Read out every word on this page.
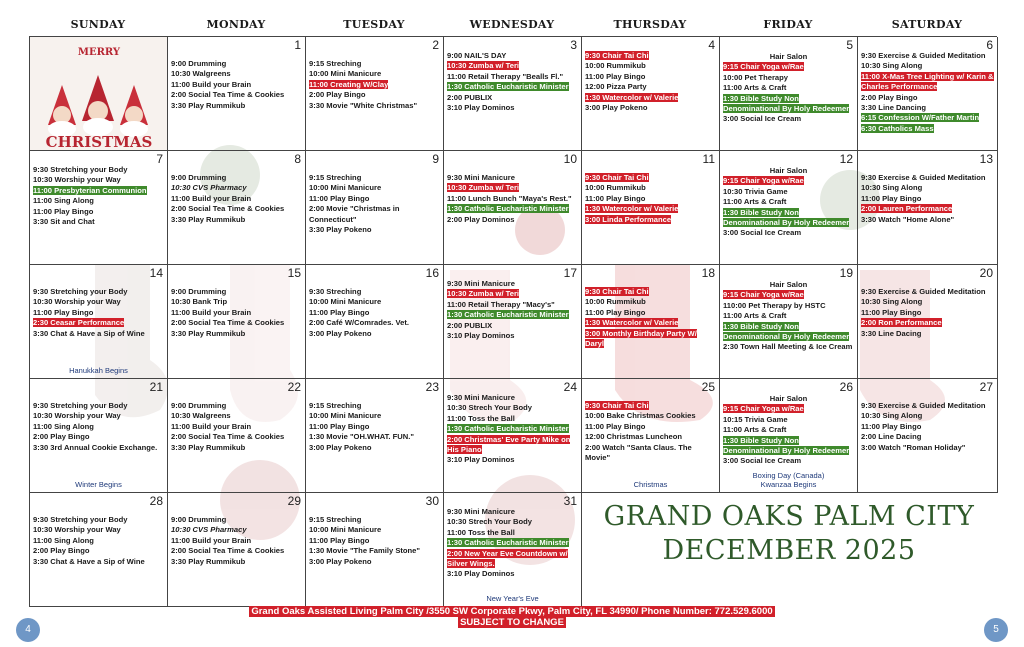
SUNDAY	MONDAY	TUESDAY	WEDNESDAY	THURSDAY	FRIDAY	SATURDAY
MERRY
CHRISTMAS
1
9:00 Drumming
10:30 Walgreens
11:00 Build your Brain
2:00 Social Tea Time & Cookies
3:30 Play Rummikub
2
9:15 Streching
10:00 Mini Manicure
11:00 Creating W/Clay
2:00 Play Bingo
3:30 Movie "White Christmas"
3
9:00 NAIL'S DAY
10:30 Zumba w/ Teri
11:00 Retail Therapy "Bealls Fl."
1:30 Catholic Eucharistic Minister
2:00 PUBLIX
3:10 Play Dominos
4
9:30 Chair Tai Chi
10:00 Rummikub
11:00 Play Bingo
12:00 Pizza Party
1:30 Watercolor w/ Valerie
3:00 Play Pokeno
5
Hair Salon
9:15 Chair Yoga w/Rae
10:00 Pet Therapy
11:00 Arts & Craft
1:30 Bible Study Non Denominational By Holy Redeemer
3:00 Social Ice Cream
6
9:30 Exercise & Guided Meditation
10:30 Sing Along
11:00 X-Mas Tree Lighting w/ Karin & Charles Performance
2:00 Play Bingo
3:30 Line Dancing
6:15 Confession W/Father Martin
6:30 Catholics Mass
7
9:30 Stretching your Body
10:30 Worship your Way
11:00 Presbyterian Communion
11:00 Sing Along
11:00 Play Bingo
3:30 Sit and Chat
8
9:00 Drumming
10:30 CVS Pharmacy
11:00 Build your Brain
2:00 Social Tea Time & Cookies
3:30 Play Rummikub
9
9:15 Streching
10:00 Mini Manicure
11:00 Play Bingo
2:00 Movie "Christmas in Connecticut"
3:30 Play Pokeno
10
9:30 Mini Manicure
10:30 Zumba w/ Teri
11:00 Lunch Bunch "Maya's Rest."
1:30 Catholic Eucharistic Minister
2:00 Play Dominos
11
9:30 Chair Tai Chi
10:00 Rummikub
11:00 Play Bingo
1:30 Watercolor w/ Valerie
3:00 Linda Performance
12
Hair Salon
9:15 Chair Yoga w/Rae
10:30 Trivia Game
11:00 Arts & Craft
1:30 Bible Study Non Denominational By Holy Redeemer
3:00 Social Ice Cream
13
9:30 Exercise & Guided Meditation
10:30 Sing Along
11:00 Play Bingo
2:00 Lauren Performance
3:30 Watch "Home Alone"
14
9:30 Stretching your Body
10:30 Worship your Way
11:00 Play Bingo
2:30 Ceasar Performance
3:30 Chat & Have a Sip of Wine
Hanukkah Begins
15
9:00 Drumming
10:30 Bank Trip
11:00 Build your Brain
2:00 Social Tea Time & Cookies
3:30 Play Rummikub
16
9:30 Streching
10:00 Mini Manicure
11:00 Play Bingo
2:00 Café W/Comrades. Vet.
3:00 Play Pokeno
17
9:30 Mini Manicure
10:30 Zumba w/ Teri
11:00 Retail Therapy "Macy's"
1:30 Catholic Eucharistic Minister
2:00 PUBLIX
3:10 Play Dominos
18
9:30 Chair Tai Chi
10:00 Rummikub
11:00 Play Bingo
1:30 Watercolor w/ Valerie
3:00 Monthly Birthday Party W/ Daryl
19
Hair Salon
9:15 Chair Yoga w/Rae
110:00 Pet Therapy by HSTC
11:00 Arts & Craft
1:30 Bible Study Non Denominational By Holy Redeemer
2:30 Town Hall Meeting & Ice Cream
20
9:30 Exercise & Guided Meditation
10:30 Sing Along
11:00 Play Bingo
2:00 Ron Performance
3:30 Line Dacing
21
9:30 Stretching your Body
10:30 Worship your Way
11:00 Sing Along
2:00 Play Bingo
3:30 3rd Annual Cookie Exchange.
Winter Begins
22
9:00 Drumming
10:30 Walgreens
11:00 Build your Brain
2:00 Social Tea Time & Cookies
3:30 Play Rummikub
23
9:15 Streching
10:00 Mini Manicure
11:00 Play Bingo
1:30 Movie "OH.WHAT. FUN."
3:00 Play Pokeno
24
9:30 Mini Manicure
10:30 Strech Your Body
11:00 Toss the Ball
1:30 Catholic Eucharistic Minister
2:00 Christmas' Eve Party Mike on His Piano
3:10 Play Dominos
25
9:30 Chair Tai Chi
10:00 Bake Christmas Cookies
11:00 Play Bingo
12:00 Christmas Luncheon
2:00 Watch "Santa Claus. The Movie"
Christmas
26
Hair Salon
9:15 Chair Yoga w/Rae
10:15 Trivia Game
11:00 Arts & Craft
1:30 Bible Study Non Denominational By Holy Redeemer
3:00 Social Ice Cream
Boxing Day (Canada)
Kwanzaa Begins
27
9:30 Exercise & Guided Meditation
10:30 Sing Along
11:00 Play Bingo
2:00 Line Dacing
3:00 Watch "Roman Holiday"
28
9:30 Stretching your Body
10:30 Worship your Way
11:00 Sing Along
2:00 Play Bingo
3:30 Chat & Have a Sip of Wine
29
9:00 Drumming
10:30 CVS Pharmacy
11:00 Build your Brain
2:00 Social Tea Time & Cookies
3:30 Play Rummikub
30
9:15 Streching
10:00 Mini Manicure
11:00 Play Bingo
1:30 Movie "The Family Stone"
3:00 Play Pokeno
31
9:30 Mini Manicure
10:30 Strech Your Body
11:00 Toss the Ball
1:30 Catholic Eucharistic Minister
2:00 New Year Eve Countdown w/ Silver Wings.
3:10 Play Dominos
New Year's Eve
GRAND OAKS PALM CITY
DECEMBER 2025
Grand Oaks Assisted Living Palm City /3550 SW Corporate Pkwy, Palm City, FL 34990/ Phone Number: 772.529.6000
SUBJECT TO CHANGE
4	5
